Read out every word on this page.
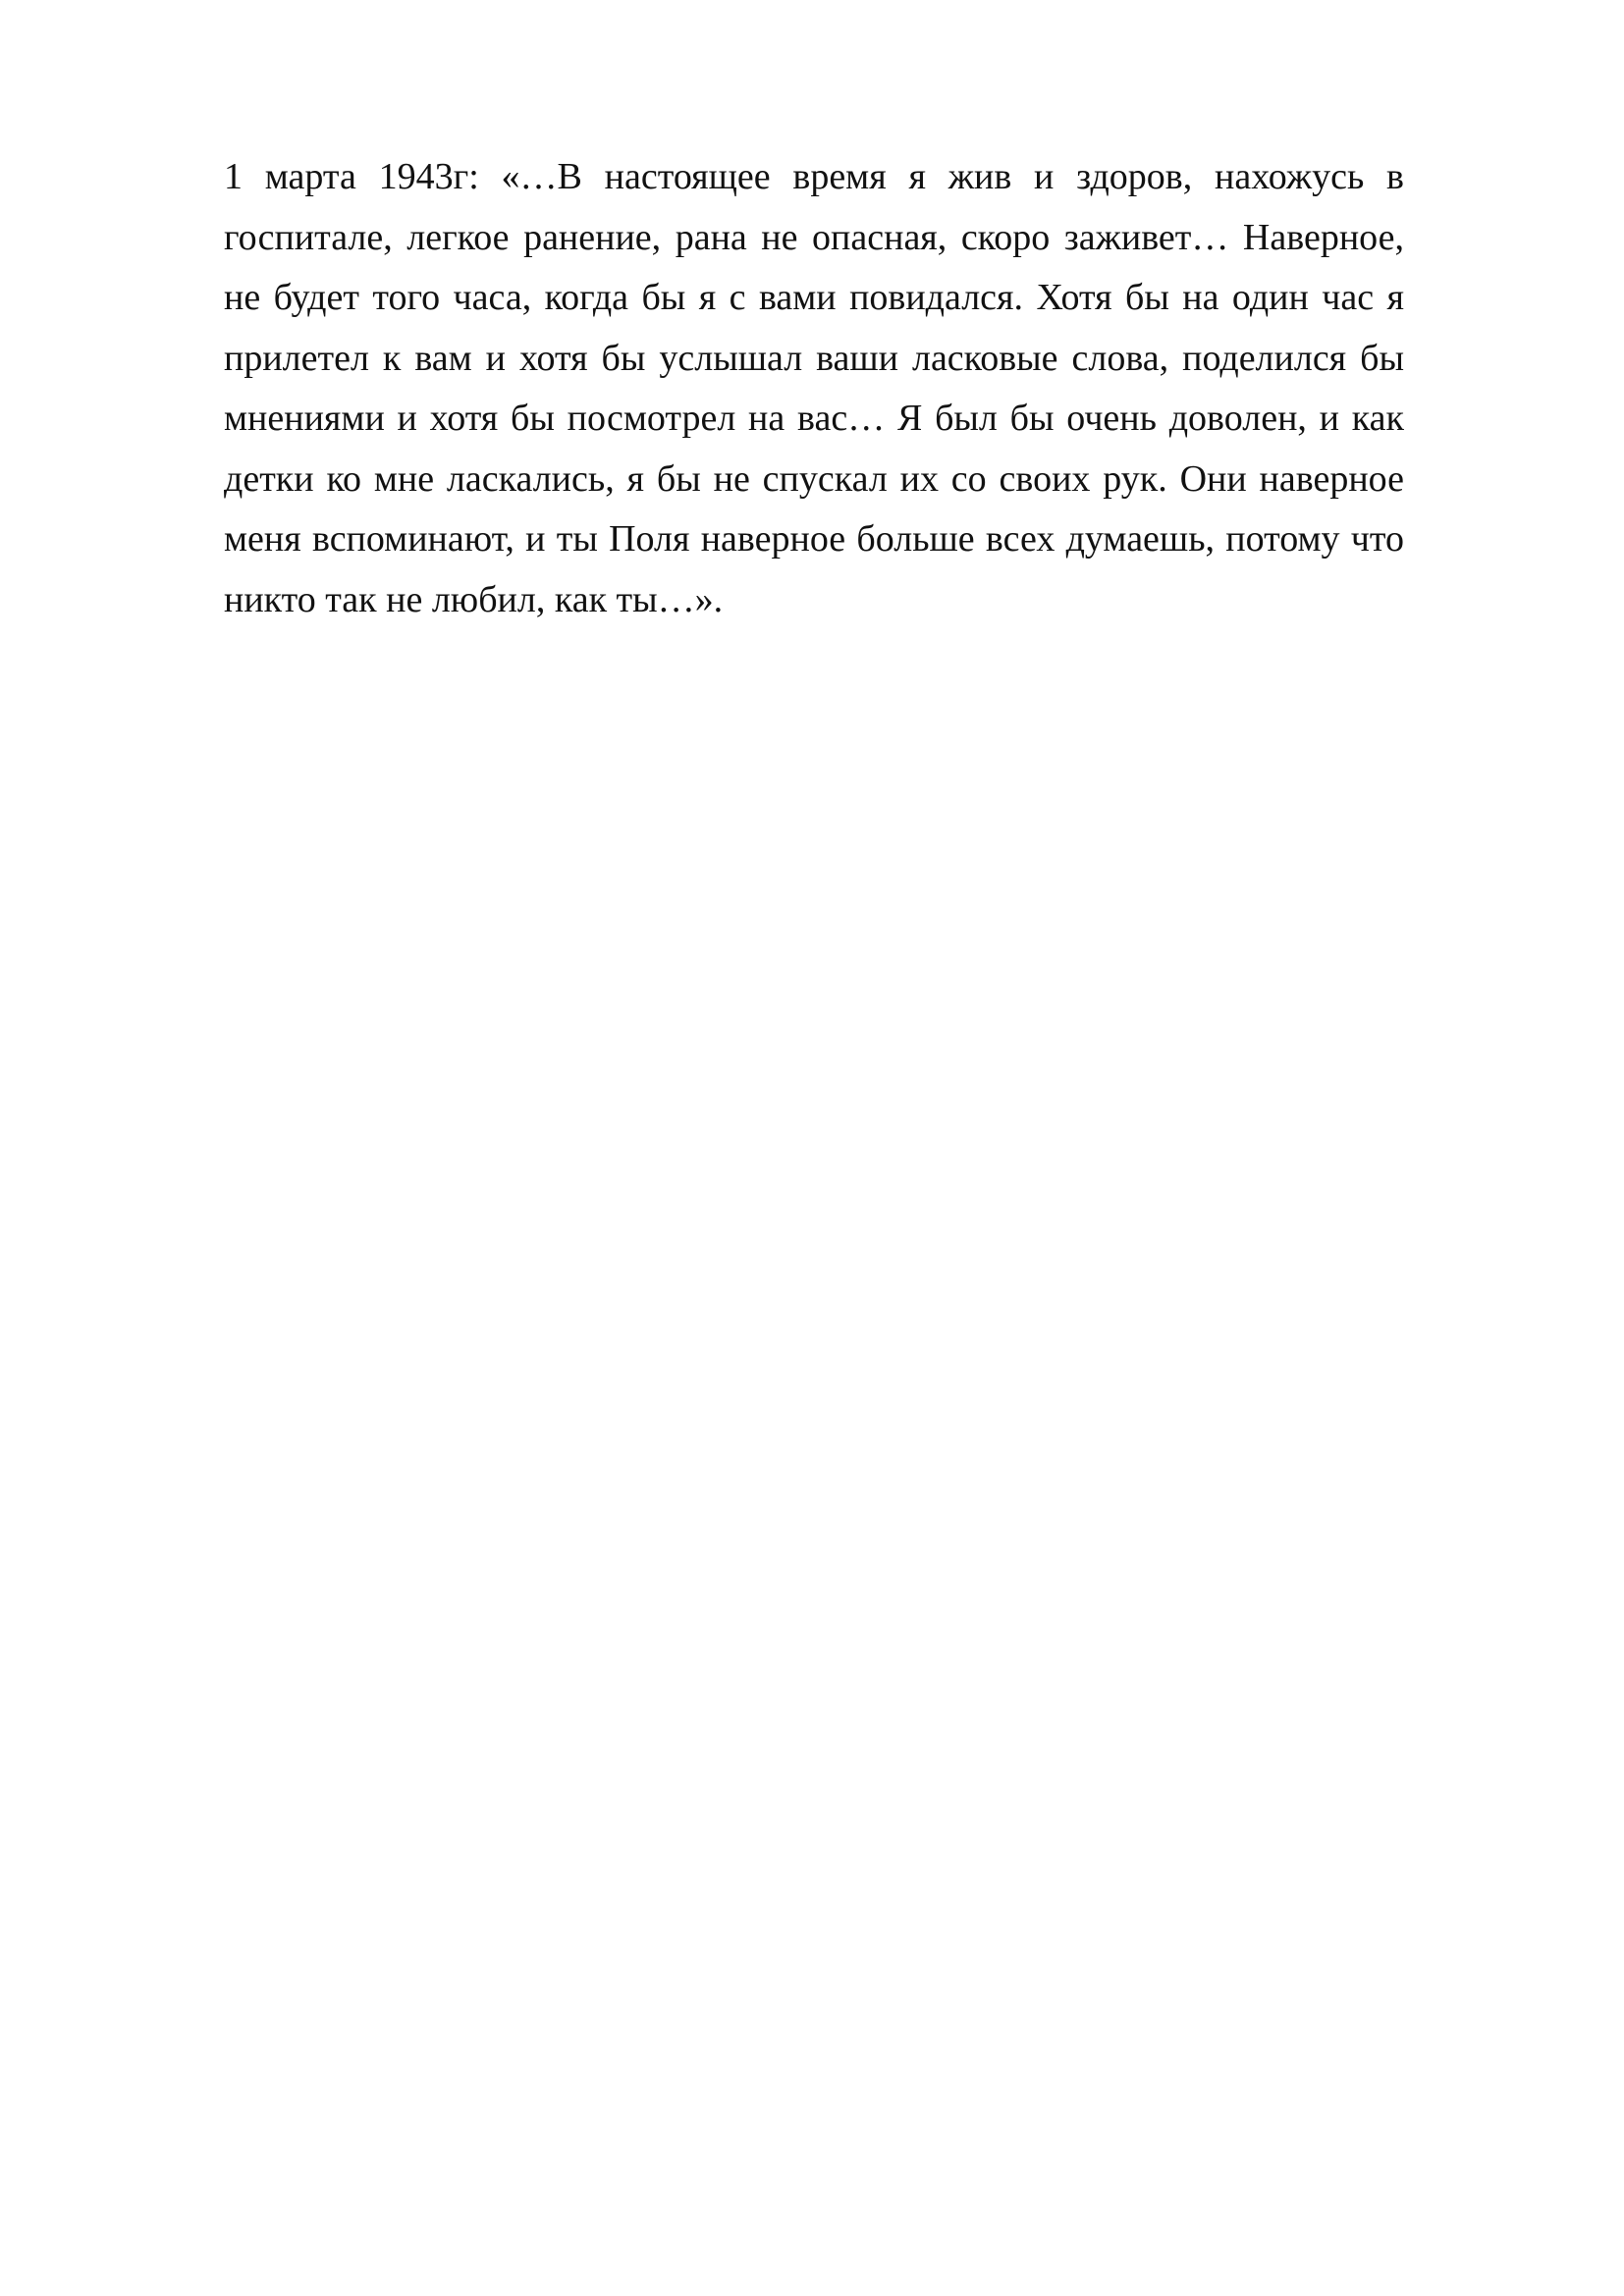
1 марта 1943г: «…В настоящее время я жив и здоров, нахожусь в госпитале, легкое ранение, рана не опасная, скоро заживет… Наверное, не будет того часа, когда бы я с вами повидался. Хотя бы на один час я прилетел к вам и хотя бы услышал ваши ласковые слова, поделился бы мнениями и хотя бы посмотрел на вас… Я был бы очень доволен, и как детки ко мне ласкались, я бы не спускал их со своих рук. Они наверное меня вспоминают, и ты Поля наверное больше всех думаешь, потому что никто так не любил, как ты…».
